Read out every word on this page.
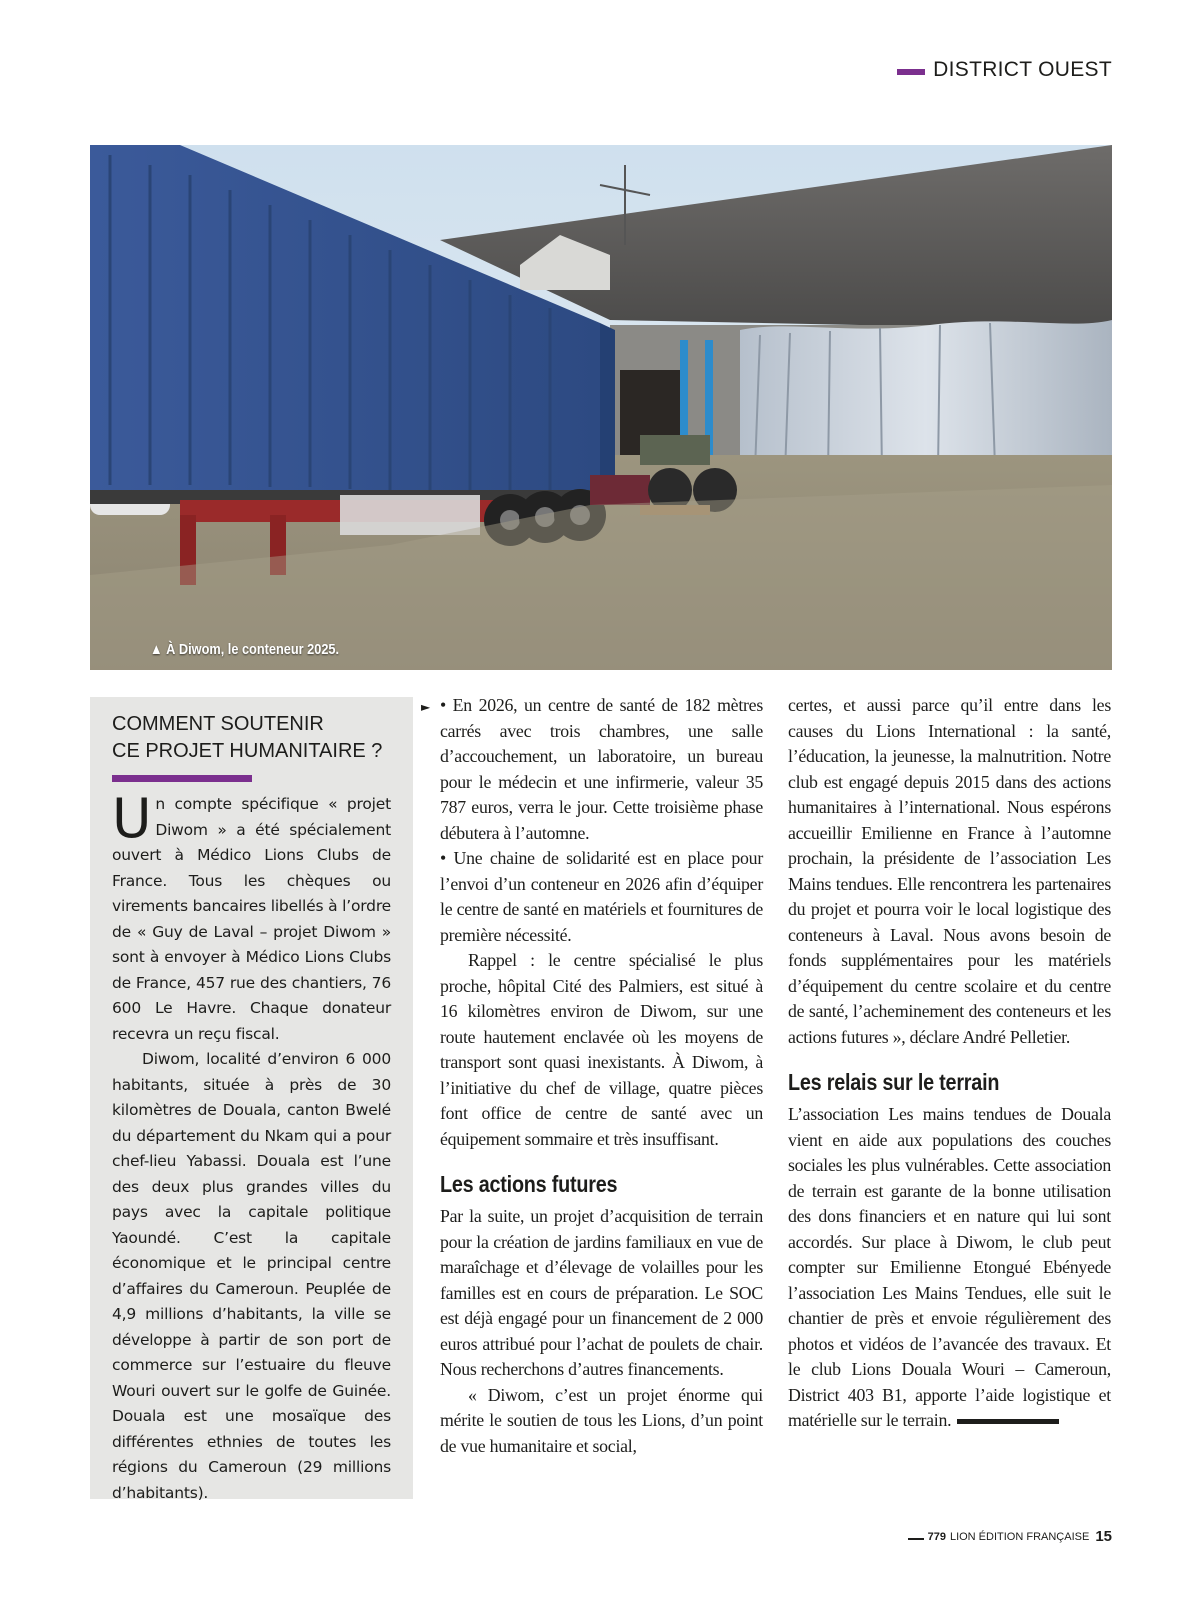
DISTRICT OUEST
▲ À Diwom, le conteneur 2025.
COMMENT SOUTENIR
CE PROJET HUMANITAIRE ?

Un compte spécifique « projet Diwom » a été spécialement ouvert à Médico Lions Clubs de France. Tous les chèques ou virements bancaires libellés à l’ordre de « Guy de Laval – projet Diwom » sont à envoyer à Médico Lions Clubs de France, 457 rue des chantiers, 76 600 Le Havre. Chaque donateur recevra un reçu fiscal.

Diwom, localité d’environ 6 000 habitants, située à près de 30 kilomètres de Douala, canton Bwelé du département du Nkam qui a pour chef-lieu Yabassi. Douala est l’une des deux plus grandes villes du pays avec la capitale politique Yaoundé. C’est la capitale économique et le principal centre d’affaires du Cameroun. Peuplée de 4,9 millions d’habitants, la ville se développe à partir de son port de commerce sur l’estuaire du fleuve Wouri ouvert sur le golfe de Guinée. Douala est une mosaïque des différentes ethnies de toutes les régions du Cameroun (29 millions d’habitants).

► • En 2026, un centre de santé de 182 mètres carrés avec trois chambres, une salle d’accouchement, un laboratoire, un bureau pour le médecin et une infirmerie, valeur 35 787 euros, verra le jour. Cette troisième phase débutera à l’automne.

• Une chaine de solidarité est en place pour l’envoi d’un conteneur en 2026 afin d’équiper le centre de santé en matériels et fournitures de première nécessité.

Rappel : le centre spécialisé le plus proche, hôpital Cité des Palmiers, est situé à 16 kilomètres environ de Diwom, sur une route hautement enclavée où les moyens de transport sont quasi inexistants. À Diwom, à l’initiative du chef de village, quatre pièces font office de centre de santé avec un équipement sommaire et très insuffisant.

Les actions futures

Par la suite, un projet d’acquisition de terrain pour la création de jardins familiaux en vue de maraîchage et d’élevage de volailles pour les familles est en cours de préparation. Le SOC est déjà engagé pour un financement de 2 000 euros attribué pour l’achat de poulets de chair. Nous recherchons d’autres financements.

« Diwom, c’est un projet énorme qui mérite le soutien de tous les Lions, d’un point de vue humanitaire et social,

certes, et aussi parce qu’il entre dans les causes du Lions International : la santé, l’éducation, la jeunesse, la malnutrition. Notre club est engagé depuis 2015 dans des actions humanitaires à l’international. Nous espérons accueillir Emilienne en France à l’automne prochain, la présidente de l’association Les Mains tendues. Elle rencontrera les partenaires du projet et pourra voir le local logistique des conteneurs à Laval. Nous avons besoin de fonds supplémentaires pour les matériels d’équipement du centre scolaire et du centre de santé, l’acheminement des conteneurs et les actions futures », déclare André Pelletier.

Les relais sur le terrain

L’association Les mains tendues de Douala vient en aide aux populations des couches sociales les plus vulnérables. Cette association de terrain est garante de la bonne utilisation des dons financiers et en nature qui lui sont accordés. Sur place à Diwom, le club peut compter sur Emilienne Etongué Ebényede l’association Les Mains Tendues, elle suit le chantier de près et envoie régulièrement des photos et vidéos de l’avancée des travaux. Et le club Lions Douala Wouri – Cameroun, District 403 B1, apporte l’aide logistique et matérielle sur le terrain.

779 LION ÉDITION FRANÇAISE 15
